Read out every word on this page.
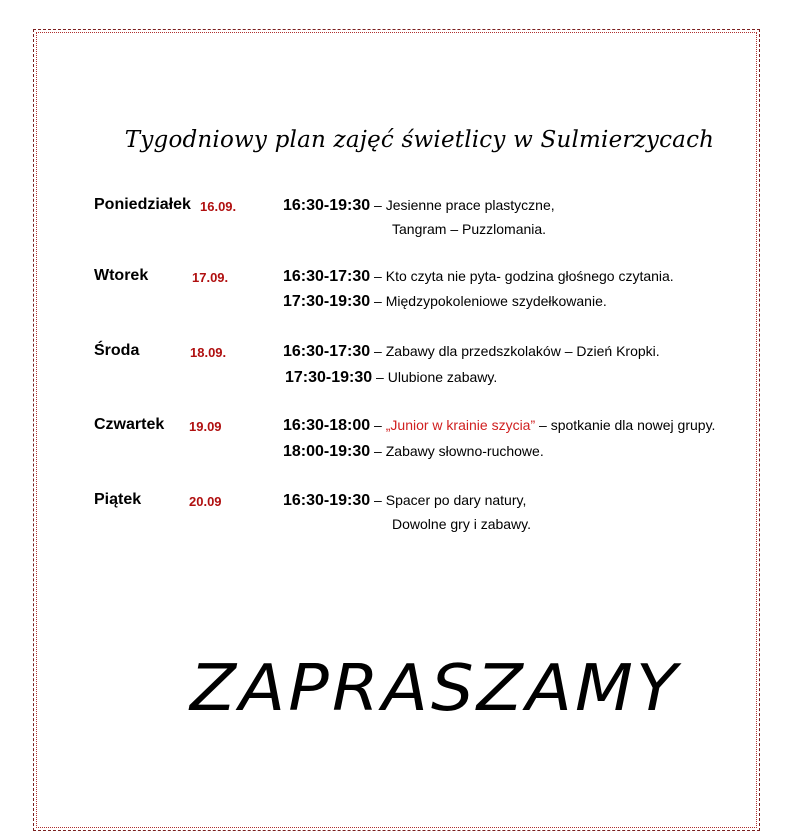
Tygodniowy plan zajęć świetlicy w Sulmierzycach
Poniedziałek 16.09.	16:30-19:30 – Jesienne prace plastyczne,
Tangram – Puzzlomania.
Wtorek	17.09.	16:30-17:30 – Kto czyta nie pyta- godzina głośnego czytania.
17:30-19:30 – Międzypokoleniowe szydełkowanie.
Środa	18.09.	16:30-17:30 – Zabawy dla przedszkolaków – Dzień Kropki.
17:30-19:30 – Ulubione zabawy.
Czwartek 19.09	16:30-18:00 – „Junior w krainie szycia” – spotkanie dla nowej grupy.
18:00-19:30 – Zabawy słowno-ruchowe.
Piątek	20.09	16:30-19:30 – Spacer po dary natury,
Dowolne gry i zabawy.
ZAPRASZAMY
